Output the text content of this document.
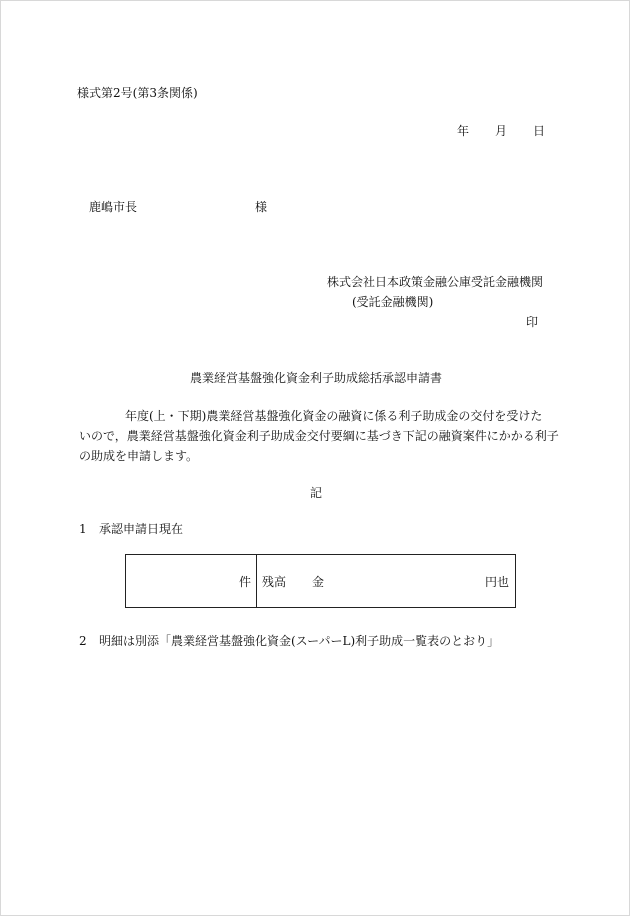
様式第2号(第3条関係)
年 月 日
鹿嶋市長	様
株式会社日本政策金融公庫受託金融機関
(受託金融機関)
印
農業経営基盤強化資金利子助成総括承認申請書
年度(上・下期)農業経営基盤強化資金の融資に係る利子助成金の交付を受けた
いので，農業経営基盤強化資金利子助成金交付要綱に基づき下記の融資案件にかかる利子
の助成を申請します。
記
1 承認申請日現在
件 残高 金	円也
2 明細は別添「農業経営基盤強化資金(スーパーL)利子助成一覧表のとおり」
